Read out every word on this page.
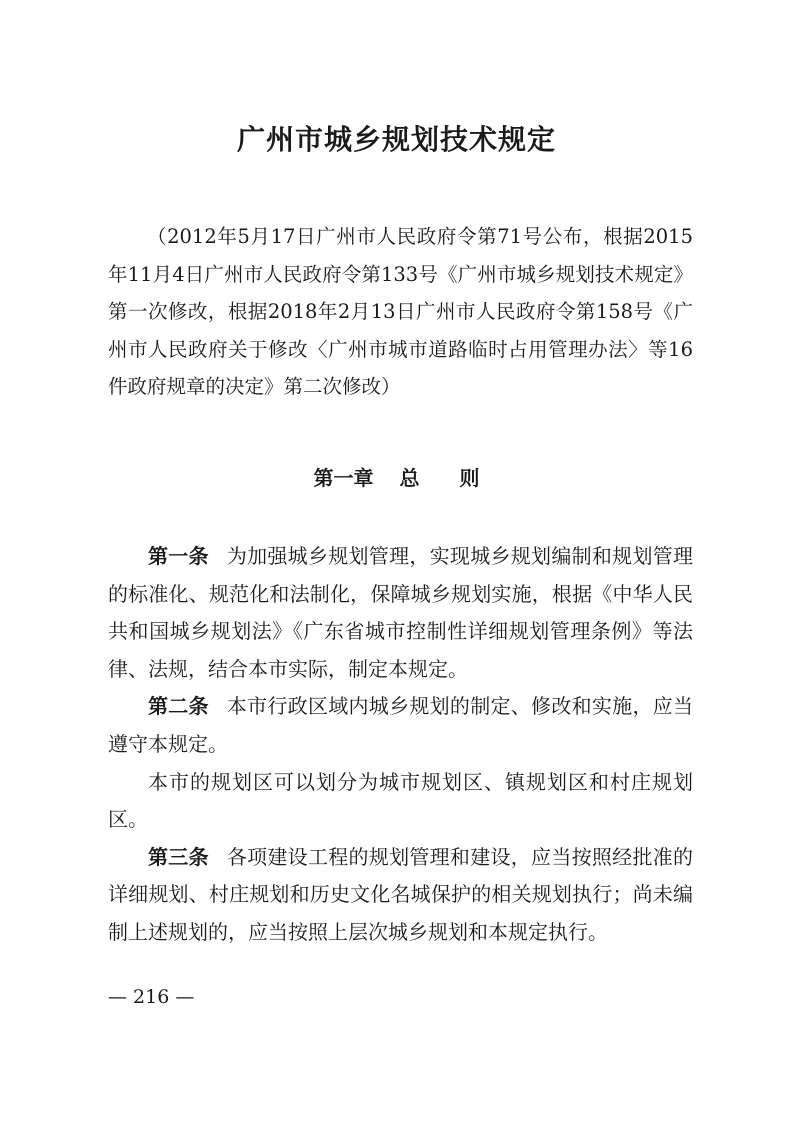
广州市城乡规划技术规定
（2012年5月17日广州市人民政府令第71号公布，根据2015年11月4日广州市人民政府令第133号《广州市城乡规划技术规定》第一次修改，根据2018年2月13日广州市人民政府令第158号《广州市人民政府关于修改〈广州市城市道路临时占用管理办法〉等16件政府规章的决定》第二次修改）
第一章 总 则

第一条 为加强城乡规划管理，实现城乡规划编制和规划管理的标准化、规范化和法制化，保障城乡规划实施，根据《中华人民共和国城乡规划法》《广东省城市控制性详细规划管理条例》等法律、法规，结合本市实际，制定本规定。

第二条 本市行政区域内城乡规划的制定、修改和实施，应当遵守本规定。

本市的规划区可以划分为城市规划区、镇规划区和村庄规划区。

第三条 各项建设工程的规划管理和建设，应当按照经批准的详细规划、村庄规划和历史文化名城保护的相关规划执行；尚未编制上述规划的，应当按照上层次城乡规划和本规定执行。

— 216 —
